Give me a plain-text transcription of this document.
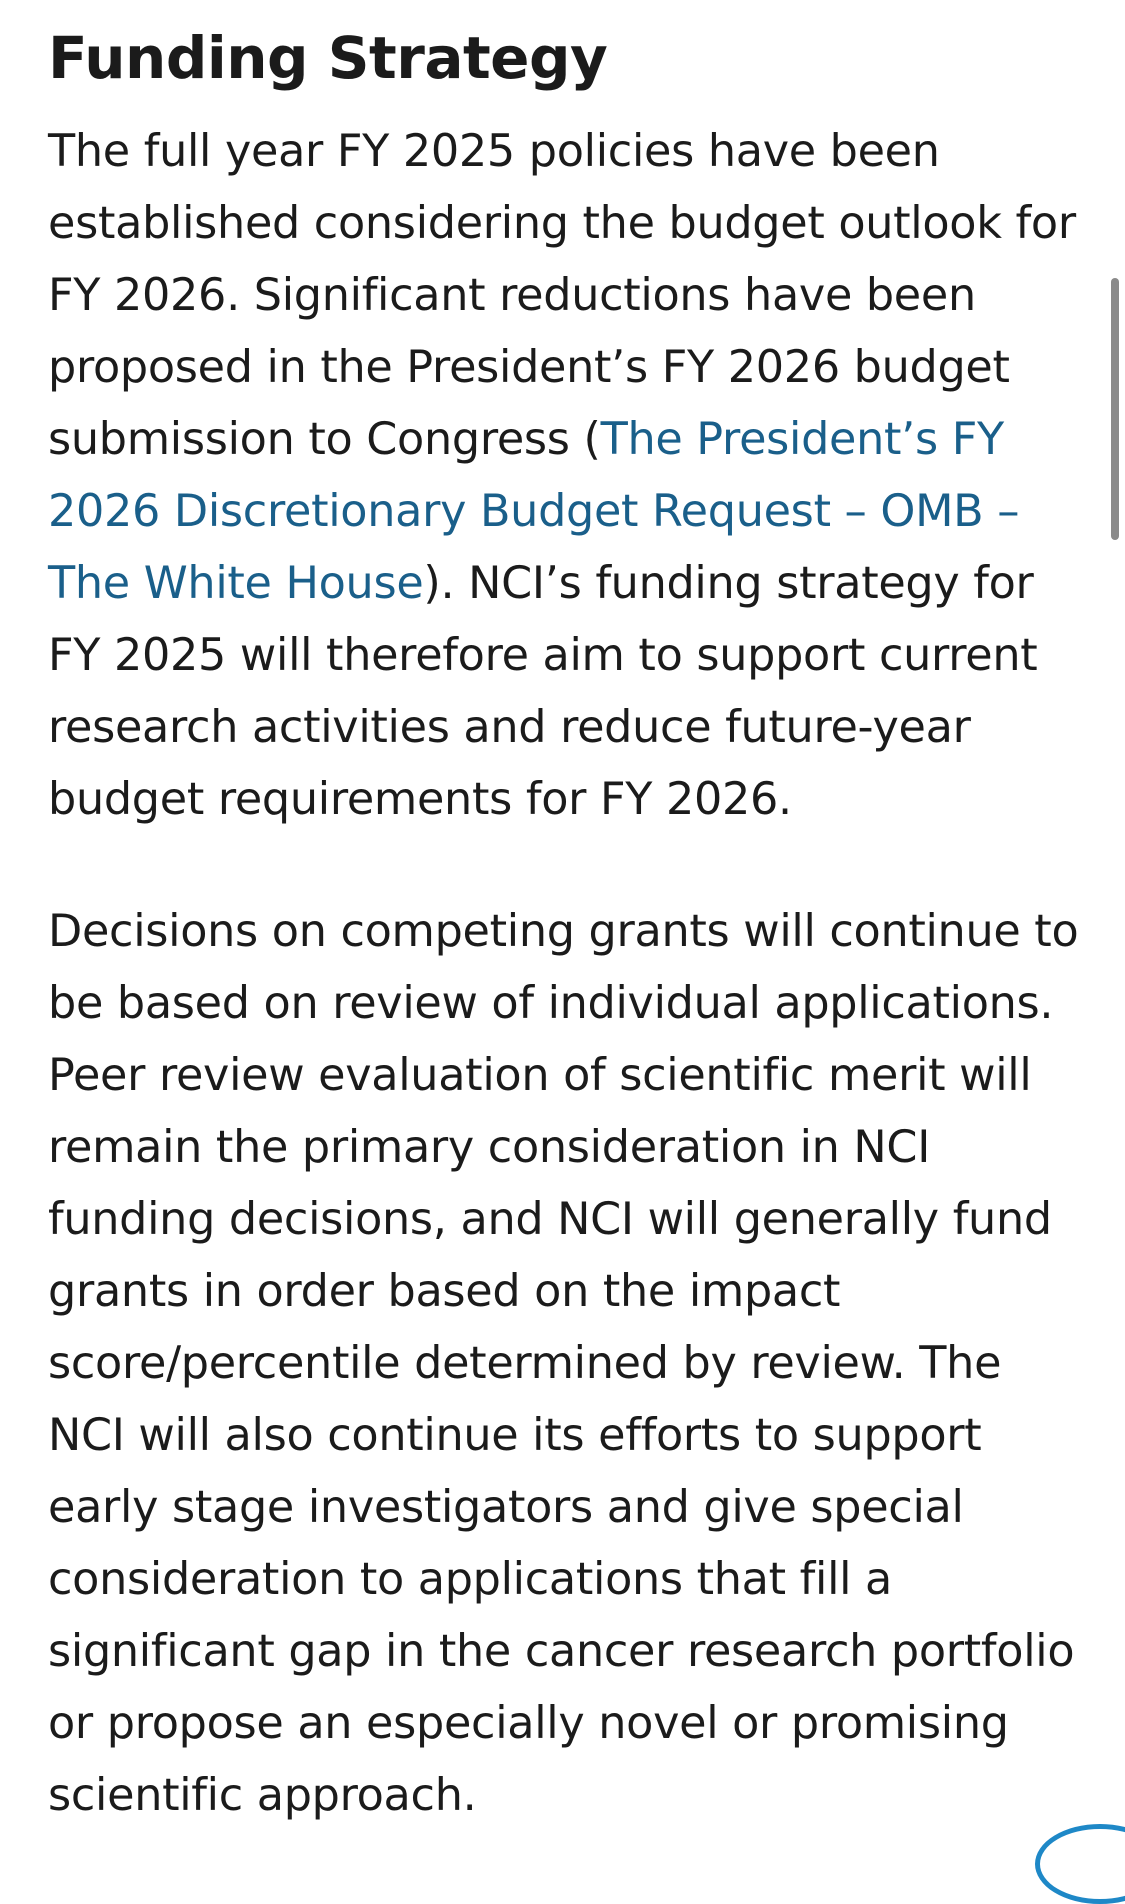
Funding Strategy

The full year FY 2025 policies have been established considering the budget outlook for FY 2026. Significant reductions have been proposed in the President’s FY 2026 budget submission to Congress (The President’s FY 2026 Discretionary Budget Request – OMB – The White House). NCI’s funding strategy for FY 2025 will therefore aim to support current research activities and reduce future-year budget requirements for FY 2026.

Decisions on competing grants will continue to be based on review of individual applications. Peer review evaluation of scientific merit will remain the primary consideration in NCI funding decisions, and NCI will generally fund grants in order based on the impact score/percentile determined by review. The NCI will also continue its efforts to support early stage investigators and give special consideration to applications that fill a significant gap in the cancer research portfolio or propose an especially novel or promising scientific approach.
